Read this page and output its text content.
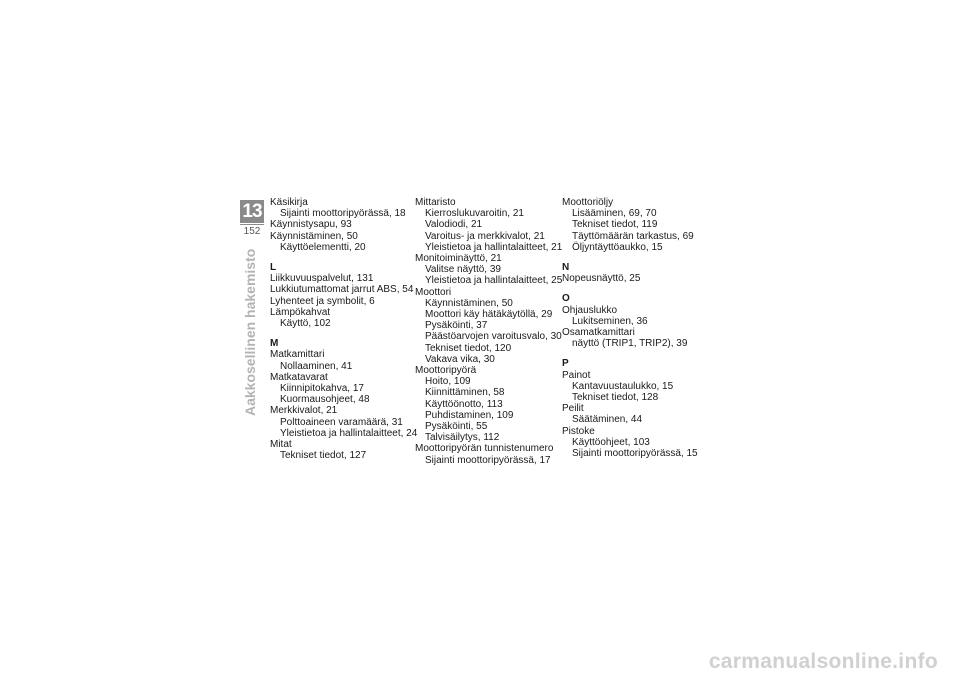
13
152
Aakkosellinen hakemisto
Käsikirja
Sijainti moottoripyörässä, 18
Käynnistysapu, 93
Käynnistäminen, 50
Käyttöelementti, 20
L
Liikkuvuuspalvelut, 131
Lukkiutumattomat jarrut ABS, 54
Lyhenteet ja symbolit, 6
Lämpökahvat
Käyttö, 102
M
Matkamittari
Nollaaminen, 41
Matkatavarat
Kiinnipitokahva, 17
Kuormausohjeet, 48
Merkkivalot, 21
Polttoaineen varamäärä, 31
Yleistietoa ja hallintalaitteet, 24
Mitat
Tekniset tiedot, 127
Mittaristo
Kierroslukuvaroitin, 21
Valodiodi, 21
Varoitus- ja merkkivalot, 21
Yleistietoa ja hallintalaitteet, 21
Monitoiminäyttö, 21
Valitse näyttö, 39
Yleistietoa ja hallintalaitteet, 25
Moottori
Käynnistäminen, 50
Moottori käy hätäkäytöllä, 29
Pysäköinti, 37
Päästöarvojen varoitusvalo, 30
Tekniset tiedot, 120
Vakava vika, 30
Moottoripyörä
Hoito, 109
Kiinnittäminen, 58
Käyttöönotto, 113
Puhdistaminen, 109
Pysäköinti, 55
Talvisäilytys, 112
Moottoripyörän tunnistenumero
Sijainti moottoripyörässä, 17
Moottoriöljy
Lisääminen, 69, 70
Tekniset tiedot, 119
Täyttömäärän tarkastus, 69
Öljyntäyttöaukko, 15
N
Nopeusnäyttö, 25
O
Ohjauslukko
Lukitseminen, 36
Osamatkamittari
näyttö (TRIP1, TRIP2), 39
P
Painot
Kantavuustaulukko, 15
Tekniset tiedot, 128
Peilit
Säätäminen, 44
Pistoke
Käyttöohjeet, 103
Sijainti moottoripyörässä, 15
carmanualsonline.info
